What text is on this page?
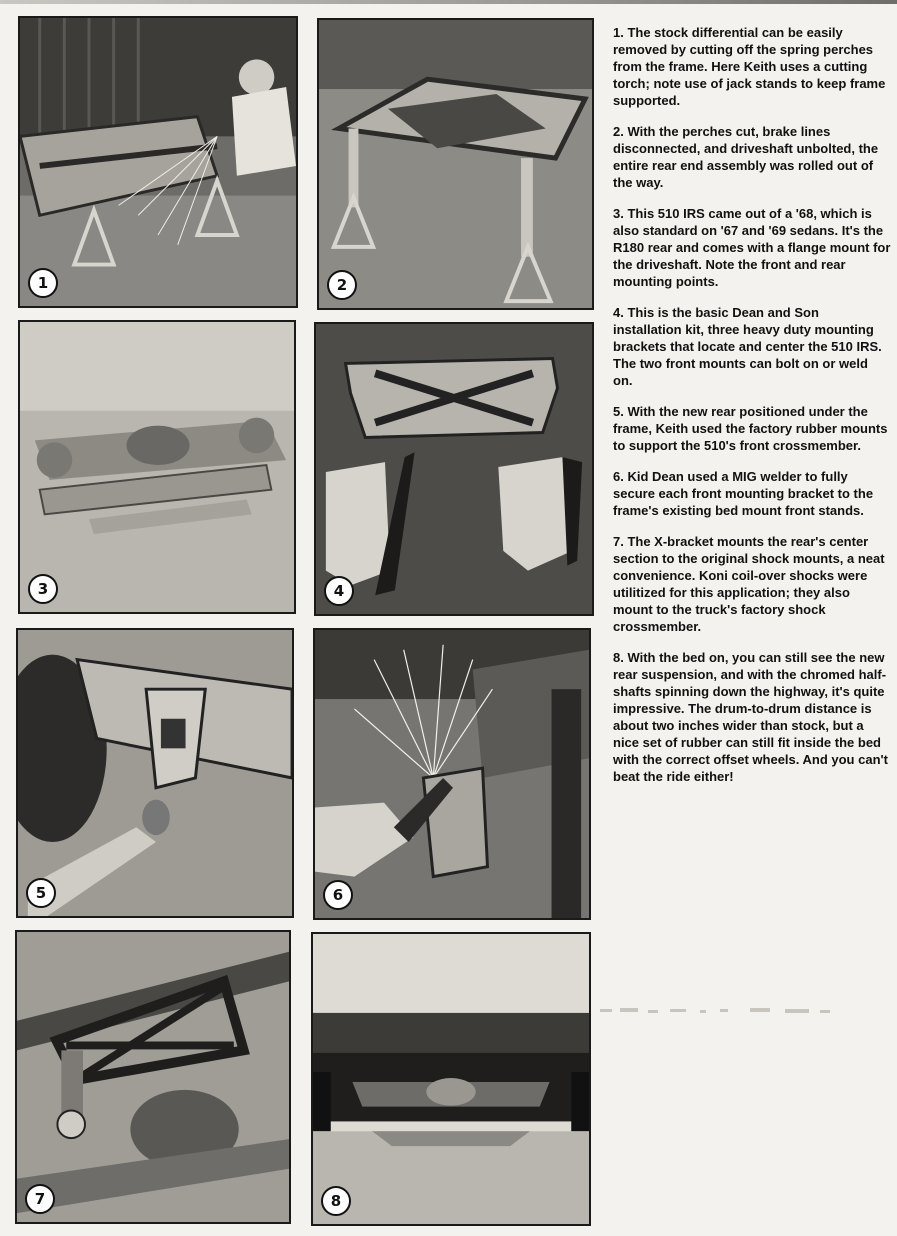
1	2
3	4
5	6
7	8

1. The stock differential can be easily removed by cutting off the spring perches from the frame. Here Keith uses a cutting torch; note use of jack stands to keep frame supported.

2. With the perches cut, brake lines disconnected, and driveshaft unbolted, the entire rear end assembly was rolled out of the way.

3. This 510 IRS came out of a '68, which is also standard on '67 and '69 sedans. It's the R180 rear and comes with a flange mount for the driveshaft. Note the front and rear mounting points.

4. This is the basic Dean and Son installation kit, three heavy duty mounting brackets that locate and center the 510 IRS. The two front mounts can bolt on or weld on.

5. With the new rear positioned under the frame, Keith used the factory rubber mounts to support the 510's front crossmember.

6. Kid Dean used a MIG welder to fully secure each front mounting bracket to the frame's existing bed mount front stands.

7. The X-bracket mounts the rear's center section to the original shock mounts, a neat convenience. Koni coil-over shocks were utilitized for this application; they also mount to the truck's factory shock crossmember.

8. With the bed on, you can still see the new rear suspension, and with the chromed half-shafts spinning down the highway, it's quite impressive. The drum-to-drum distance is about two inches wider than stock, but a nice set of rubber can still fit inside the bed with the correct offset wheels. And you can't beat the ride either!
